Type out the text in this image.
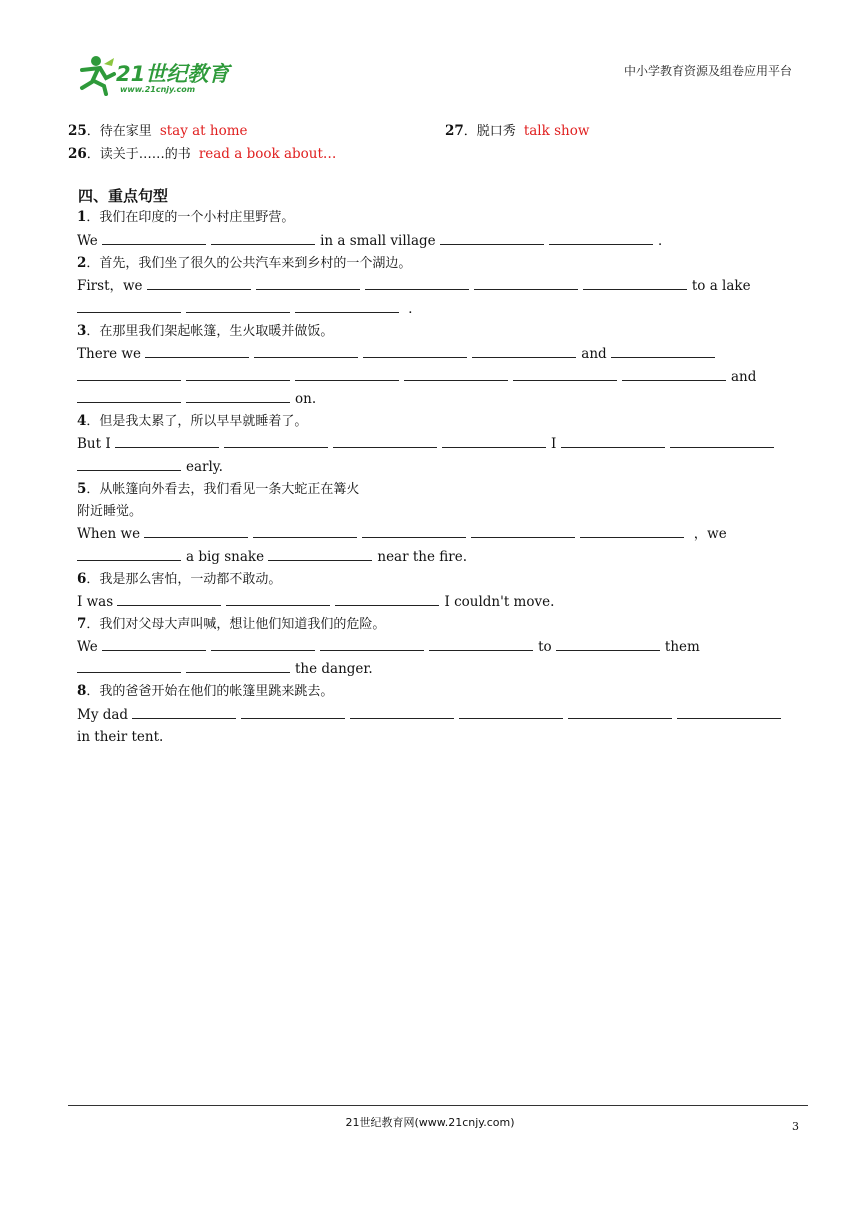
21世纪教育
www.21cnjy.com
中小学教育资源及组卷应用平台
25．待在家里 stay at home	27．脱口秀 talk show
26．读关于……的书 read a book about…
四、重点句型
1．我们在印度的一个小村庄里野营。
We	in a small village	．
2．首先，我们坐了很久的公共汽车来到乡村的一个湖边。
First，we	to a lake
．
3．在那里我们架起帐篷，生火取暖并做饭。
There we	and
and
on.
4．但是我太累了，所以早早就睡着了。
But I	I
early.
5．从帐篷向外看去，我们看见一条大蛇正在篝火
附近睡觉。
When we	，we
a big snake	near the fire.
6．我是那么害怕，一动都不敢动。
I was	I couldn't move.
7．我们对父母大声叫喊，想让他们知道我们的危险。
We	to	them
the danger.
8．我的爸爸开始在他们的帐篷里跳来跳去。
My dad
in their tent.
21世纪教育网(www.21cnjy.com)	3
